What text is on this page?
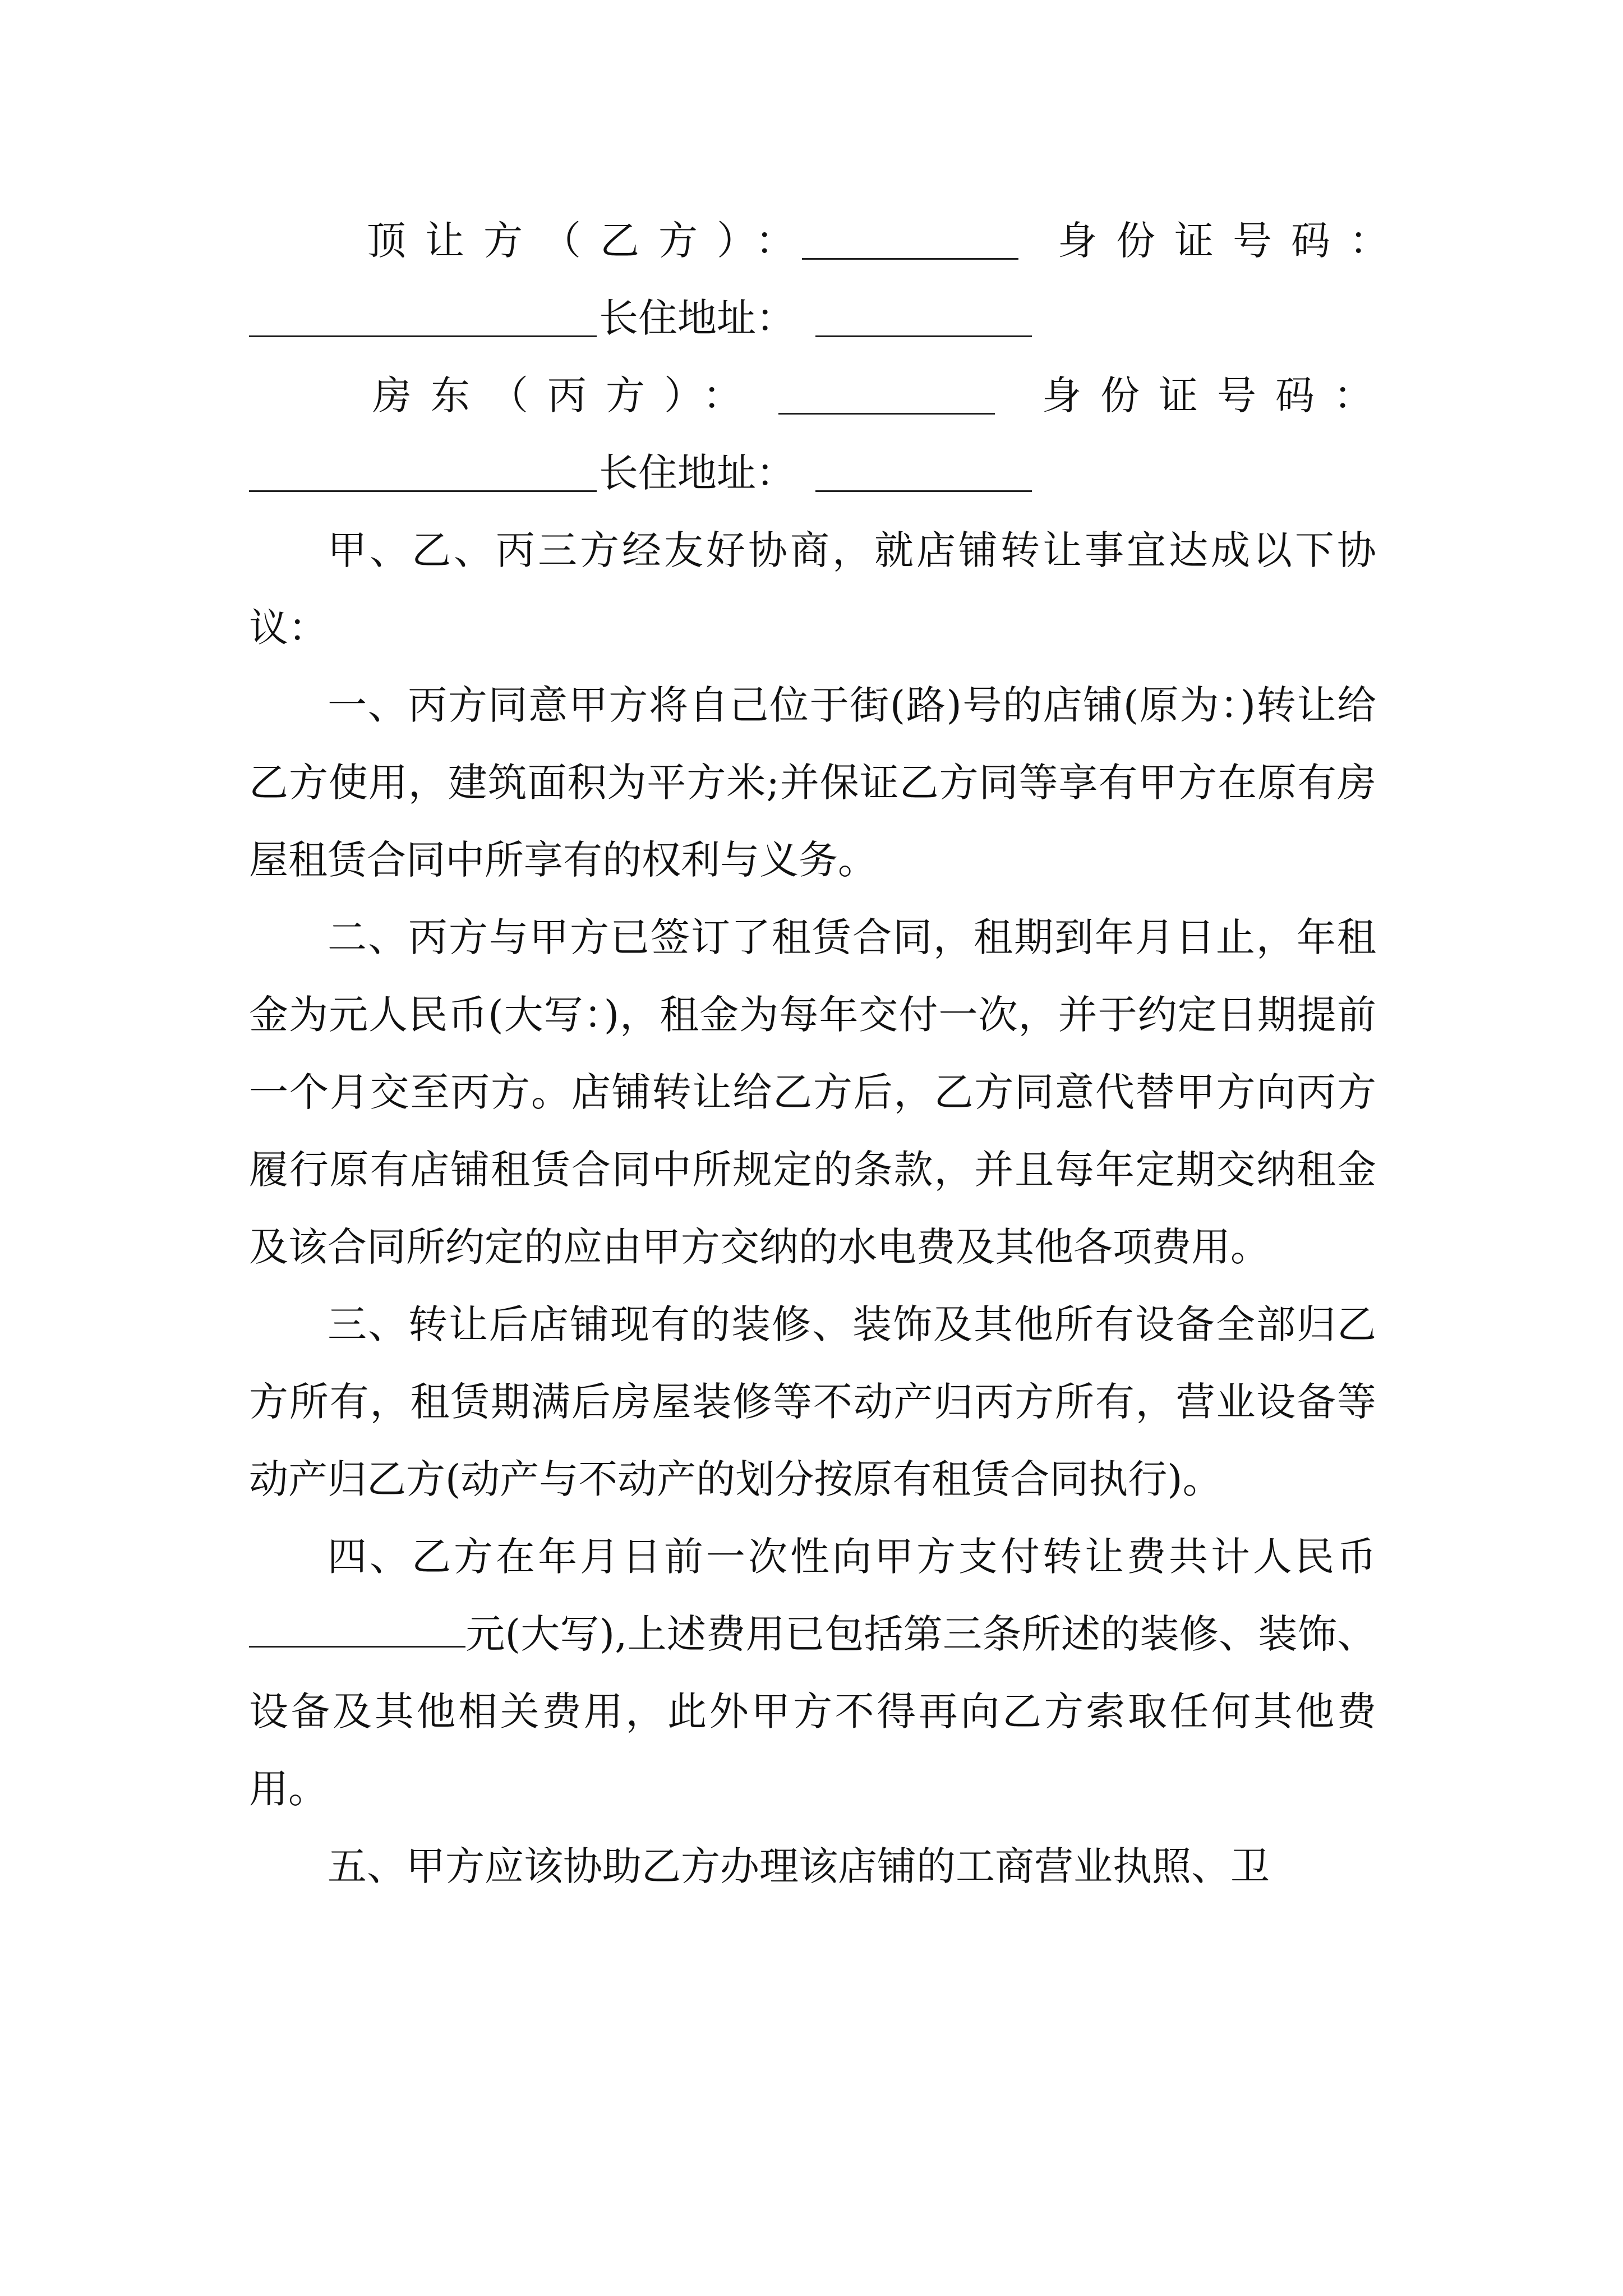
顶让方（乙方）：	身份证号码：
长住地址：
房东（丙方）：	身份证号码：
长住地址：

甲、乙、丙三方经友好协商，就店铺转让事宜达成以下协议：

一、丙方同意甲方将自己位于街(路)号的店铺(原为：)转让给乙方使用，建筑面积为平方米;并保证乙方同等享有甲方在原有房屋租赁合同中所享有的权利与义务。

二、丙方与甲方已签订了租赁合同，租期到年月日止，年租金为元人民币(大写：)，租金为每年交付一次，并于约定日期提前一个月交至丙方。店铺转让给乙方后，乙方同意代替甲方向丙方履行原有店铺租赁合同中所规定的条款，并且每年定期交纳租金及该合同所约定的应由甲方交纳的水电费及其他各项费用。

三、转让后店铺现有的装修、装饰及其他所有设备全部归乙方所有，租赁期满后房屋装修等不动产归丙方所有，营业设备等动产归乙方(动产与不动产的划分按原有租赁合同执行)。

四、乙方在年月日前一次性向甲方支付转让费共计人民币元(大写),上述费用已包括第三条所述的装修、装饰、设备及其他相关费用，此外甲方不得再向乙方索取任何其他费用。

五、甲方应该协助乙方办理该店铺的工商营业执照、卫
